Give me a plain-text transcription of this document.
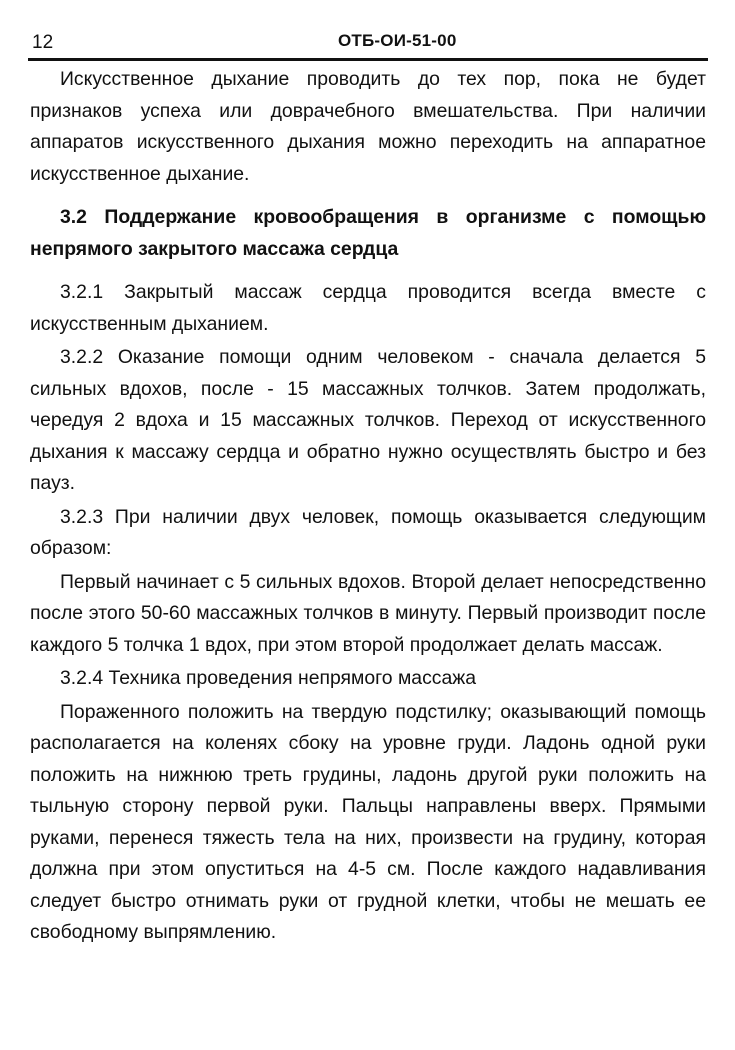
12	ОТБ-ОИ-51-00

Искусственное дыхание проводить до тех пор, пока не будет признаков успеха или доврачебного вмешательства. При наличии аппаратов искусственного дыхания можно переходить на аппаратное искусственное дыхание.

3.2 Поддержание кровообращения в организме с помощью непрямого закрытого массажа сердца

3.2.1 Закрытый массаж сердца проводится всегда вместе с искусственным дыханием.

3.2.2 Оказание помощи одним человеком - сначала делается 5 сильных вдохов, после - 15 массажных толчков. Затем продолжать, чередуя 2 вдоха и 15 массажных толчков. Переход от искусственного дыхания к массажу сердца и обратно нужно осуществлять быстро и без пауз.

3.2.3 При наличии двух человек, помощь оказывается следующим образом:

Первый начинает с 5 сильных вдохов. Второй делает непосредственно после этого 50-60 массажных толчков в минуту. Первый производит после каждого 5 толчка 1 вдох, при этом второй продолжает делать массаж.

3.2.4 Техника проведения непрямого массажа

Пораженного положить на твердую подстилку; оказывающий помощь располагается на коленях сбоку на уровне груди. Ладонь одной руки положить на нижнюю треть грудины, ладонь другой руки положить на тыльную сторону первой руки. Пальцы направлены вверх. Прямыми руками, перенеся тяжесть тела на них, произвести на грудину, которая должна при этом опуститься на 4-5 см. После каждого надавливания следует быстро отнимать руки от грудной клетки, чтобы не мешать ее свободному выпрямлению.
